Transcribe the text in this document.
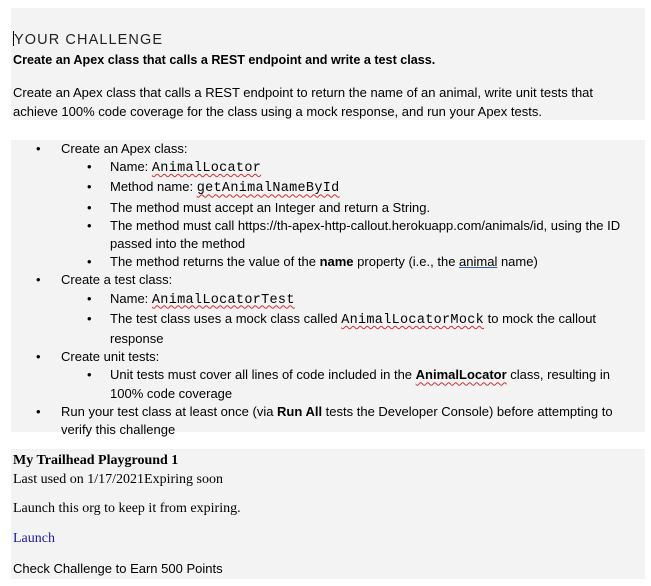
YOUR CHALLENGE
Create an Apex class that calls a REST endpoint and write a test class.
Create an Apex class that calls a REST endpoint to return the name of an animal, write unit tests that achieve 100% code coverage for the class using a mock response, and run your Apex tests.
• Create an Apex class:
• Name: AnimalLocator
• Method name: getAnimalNameById
• The method must accept an Integer and return a String.
• The method must call https://th-apex-http-callout.herokuapp.com/animals/id, using the ID passed into the method
• The method returns the value of the name property (i.e., the animal name)
• Create a test class:
• Name: AnimalLocatorTest
• The test class uses a mock class called AnimalLocatorMock to mock the callout response
• Create unit tests:
• Unit tests must cover all lines of code included in the AnimalLocator class, resulting in 100% code coverage
• Run your test class at least once (via Run All tests the Developer Console) before attempting to verify this challenge
My Trailhead Playground 1
Last used on 1/17/2021Expiring soon
Launch this org to keep it from expiring.
Launch
Check Challenge to Earn 500 Points
